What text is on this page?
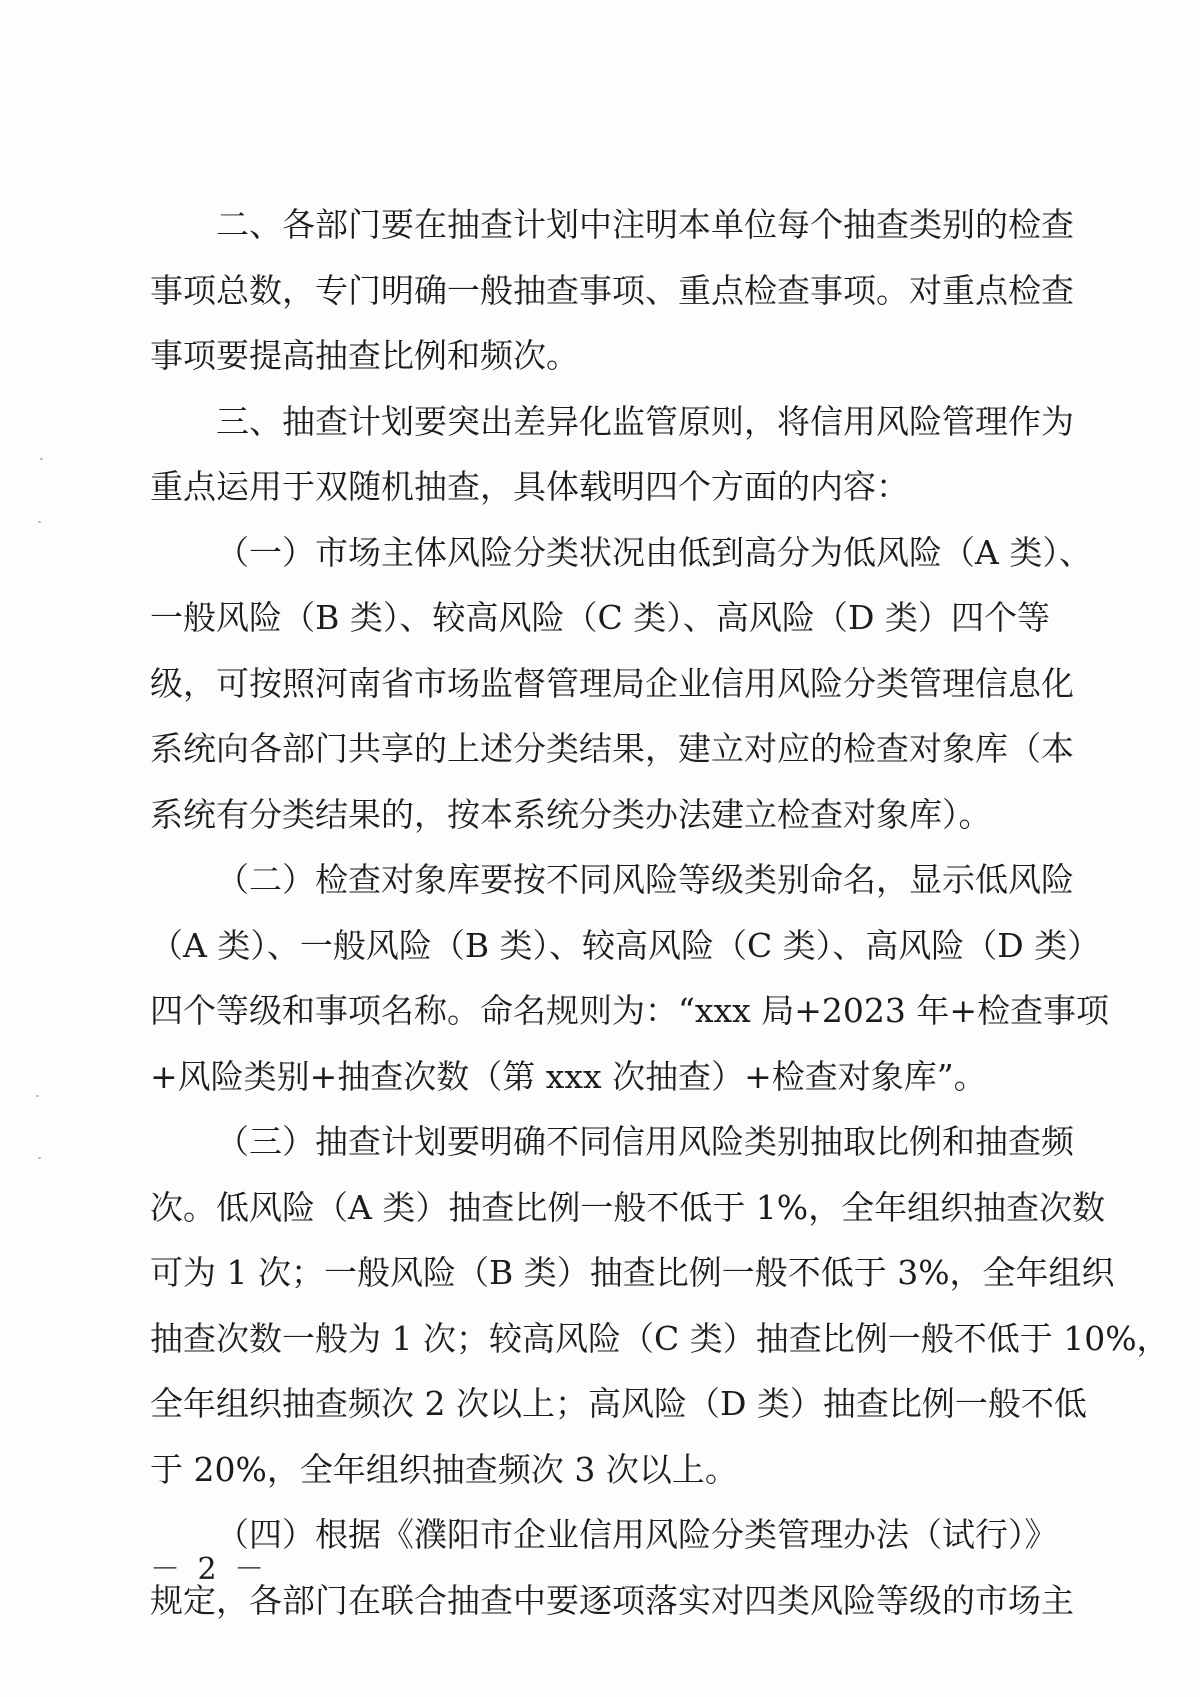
二、各部门要在抽查计划中注明本单位每个抽查类别的检查
事项总数，专门明确一般抽查事项、重点检查事项。对重点检查
事项要提高抽查比例和频次。
三、抽查计划要突出差异化监管原则，将信用风险管理作为
重点运用于双随机抽查，具体载明四个方面的内容：
（一）市场主体风险分类状况由低到高分为低风险（A 类）、
一般风险（B 类）、较高风险（C 类）、高风险（D 类）四个等
级，可按照河南省市场监督管理局企业信用风险分类管理信息化
系统向各部门共享的上述分类结果，建立对应的检查对象库（本
系统有分类结果的，按本系统分类办法建立检查对象库）。
（二）检查对象库要按不同风险等级类别命名，显示低风险
（A 类）、一般风险（B 类）、较高风险（C 类）、高风险（D 类）
四个等级和事项名称。命名规则为：“xxx 局+2023 年+检查事项
+风险类别+抽查次数（第 xxx 次抽查）+检查对象库”。
（三）抽查计划要明确不同信用风险类别抽取比例和抽查频
次。低风险（A 类）抽查比例一般不低于 1%，全年组织抽查次数
可为 1 次；一般风险（B 类）抽查比例一般不低于 3%，全年组织
抽查次数一般为 1 次；较高风险（C 类）抽查比例一般不低于 10%，
全年组织抽查频次 2 次以上；高风险（D 类）抽查比例一般不低
于 20%，全年组织抽查频次 3 次以上。
（四）根据《濮阳市企业信用风险分类管理办法（试行）》
规定，各部门在联合抽查中要逐项落实对四类风险等级的市场主
－ 2 －
